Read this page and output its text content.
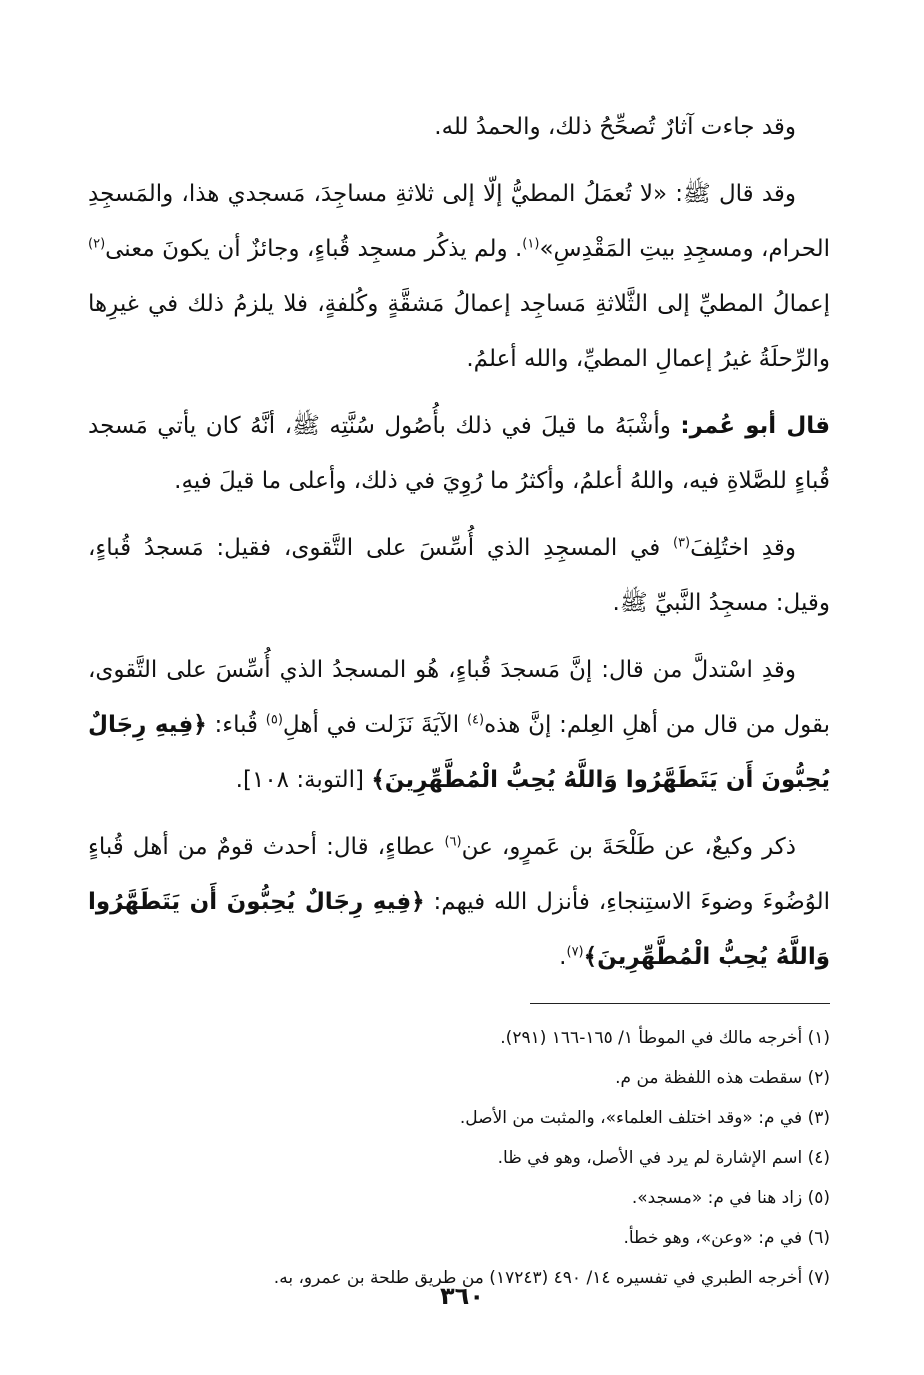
وقد جاءت آثارٌ تُصحِّحُ ذلك، والحمدُ لله.

وقد قال ﷺ: «لا تُعمَلُ المطيُّ إلّا إلى ثلاثةِ مساجِدَ، مَسجدي هذا، والمَسجِدِ الحرام، ومسجِدِ بيتِ المَقْدِسِ»$^{(١)}$. ولم يذكُر مسجِد قُباءٍ، وجائزٌ أن يكونَ معنى$^{(٢)}$ إعمالُ المطيِّ إلى الثَّلاثةِ مَساجِد إعمالُ مَشقَّةٍ وكُلفةٍ، فلا يلزمُ ذلك في غيرِها والرِّحلَةُ غيرُ إعمالِ المطيِّ، والله أعلمُ.

قال أبو عُمر: وأشْبَهُ ما قيلَ في ذلك بأُصُول سُنَّتِه ﷺ، أنَّهُ كان يأتي مَسجد قُباءٍ للصَّلاةِ فيه، واللهُ أعلمُ، وأكثرُ ما رُوِيَ في ذلك، وأعلى ما قيلَ فيهِ.

وقدِ اختُلِفَ$^{(٣)}$ في المسجِدِ الذي أُسِّسَ على التَّقوى، فقيل: مَسجدُ قُباءٍ، وقيل: مسجِدُ النَّبيِّ ﷺ.

وقدِ اسْتدلَّ من قال: إنَّ مَسجدَ قُباءٍ، هُو المسجدُ الذي أُسِّسَ على التَّقوى، بقول من قال من أهلِ العِلم: إنَّ هذه$^{(٤)}$ الآيَةَ نَزَلت في أهلِ$^{(٥)}$ قُباء: ﴿فِيهِ رِجَالٌ يُحِبُّونَ أَن يَتَطَهَّرُوا وَاللَّهُ يُحِبُّ الْمُطَّهِّرِينَ﴾ [التوبة: ١٠٨].

ذكر وكيعٌ، عن طَلْحَةَ بن عَمرٍو، عن$^{(٦)}$ عطاءٍ، قال: أحدث قومٌ من أهل قُباءٍ الوُضُوءَ وضوءَ الاستِنجاءِ، فأنزل الله فيهم: ﴿فِيهِ رِجَالٌ يُحِبُّونَ أَن يَتَطَهَّرُوا وَاللَّهُ يُحِبُّ الْمُطَّهِّرِينَ﴾$^{(٧)}$.

(١) أخرجه مالك في الموطأ ١/ ١٦٥-١٦٦ (٢٩١).

(٢) سقطت هذه اللفظة من م.

(٣) في م: «وقد اختلف العلماء»، والمثبت من الأصل.

(٤) اسم الإشارة لم يرد في الأصل، وهو في ظا.

(٥) زاد هنا في م: «مسجد».

(٦) في م: «وعن»، وهو خطأ.

(٧) أخرجه الطبري في تفسيره ١٤/ ٤٩٠ (١٧٢٤٣) من طريق طلحة بن عمرو، به.

٣٦٠
